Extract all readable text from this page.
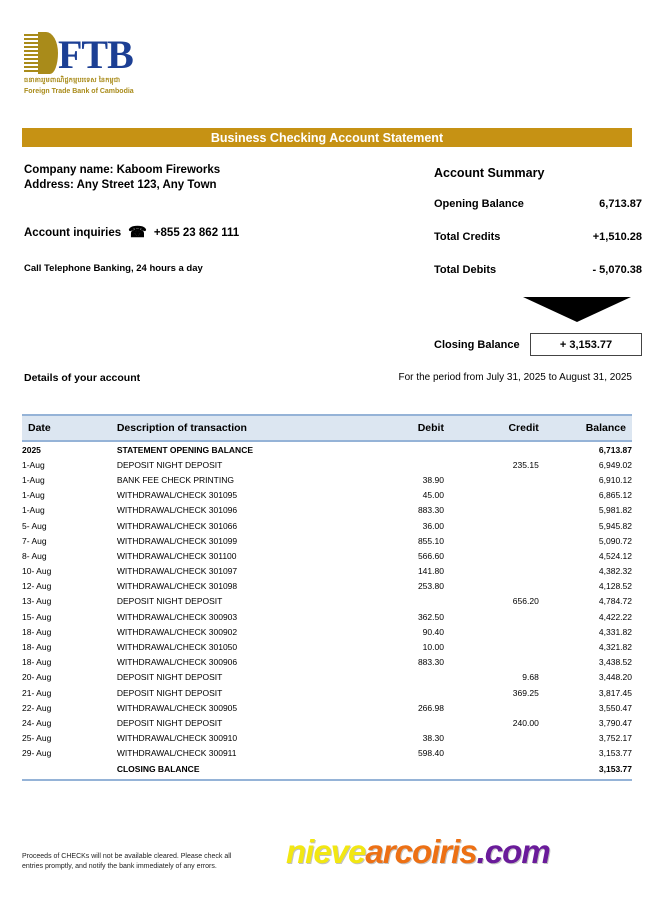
FTB
ធនាគាររួមពាណិជ្ជកម្មបរទេស នៃកម្ពុជា
Foreign Trade Bank of Cambodia
Business Checking Account Statement
Company name: Kaboom Fireworks
Address: Any Street 123, Any Town
Account inquiries ☎ +855 23 862 111
Call Telephone Banking, 24 hours a day
Account Summary
Opening Balance	6,713.87
Total Credits	+1,510.28
Total Debits	- 5,070.38
Closing Balance	+ 3,153.77
Details of your account	For the period from July 31, 2025 to August 31, 2025
Date	Description of transaction	Debit	Credit	Balance
2025	STATEMENT OPENING BALANCE			6,713.87
1-Aug	DEPOSIT NIGHT DEPOSIT		235.15	6,949.02
1-Aug	BANK FEE CHECK PRINTING	38.90		6,910.12
1-Aug	WITHDRAWAL/CHECK 301095	45.00		6,865.12
1-Aug	WITHDRAWAL/CHECK 301096	883.30		5,981.82
5- Aug	WITHDRAWAL/CHECK 301066	36.00		5,945.82
7- Aug	WITHDRAWAL/CHECK 301099	855.10		5,090.72
8- Aug	WITHDRAWAL/CHECK 301100	566.60		4,524.12
10- Aug	WITHDRAWAL/CHECK 301097	141.80		4,382.32
12- Aug	WITHDRAWAL/CHECK 301098	253.80		4,128.52
13- Aug	DEPOSIT NIGHT DEPOSIT		656.20	4,784.72
15- Aug	WITHDRAWAL/CHECK 300903	362.50		4,422.22
18- Aug	WITHDRAWAL/CHECK 300902	90.40		4,331.82
18- Aug	WITHDRAWAL/CHECK 301050	10.00		4,321.82
18- Aug	WITHDRAWAL/CHECK 300906	883.30		3,438.52
20- Aug	DEPOSIT NIGHT DEPOSIT		9.68	3,448.20
21- Aug	DEPOSIT NIGHT DEPOSIT		369.25	3,817.45
22- Aug	WITHDRAWAL/CHECK 300905	266.98		3,550.47
24- Aug	DEPOSIT NIGHT DEPOSIT		240.00	3,790.47
25- Aug	WITHDRAWAL/CHECK 300910	38.30		3,752.17
29- Aug	WITHDRAWAL/CHECK 300911	598.40		3,153.77
	CLOSING BALANCE			3,153.77
Proceeds of CHECKs will not be available cleared. Please check all entries promptly, and notify the bank immediately of any errors.	nievearcoiris.com
